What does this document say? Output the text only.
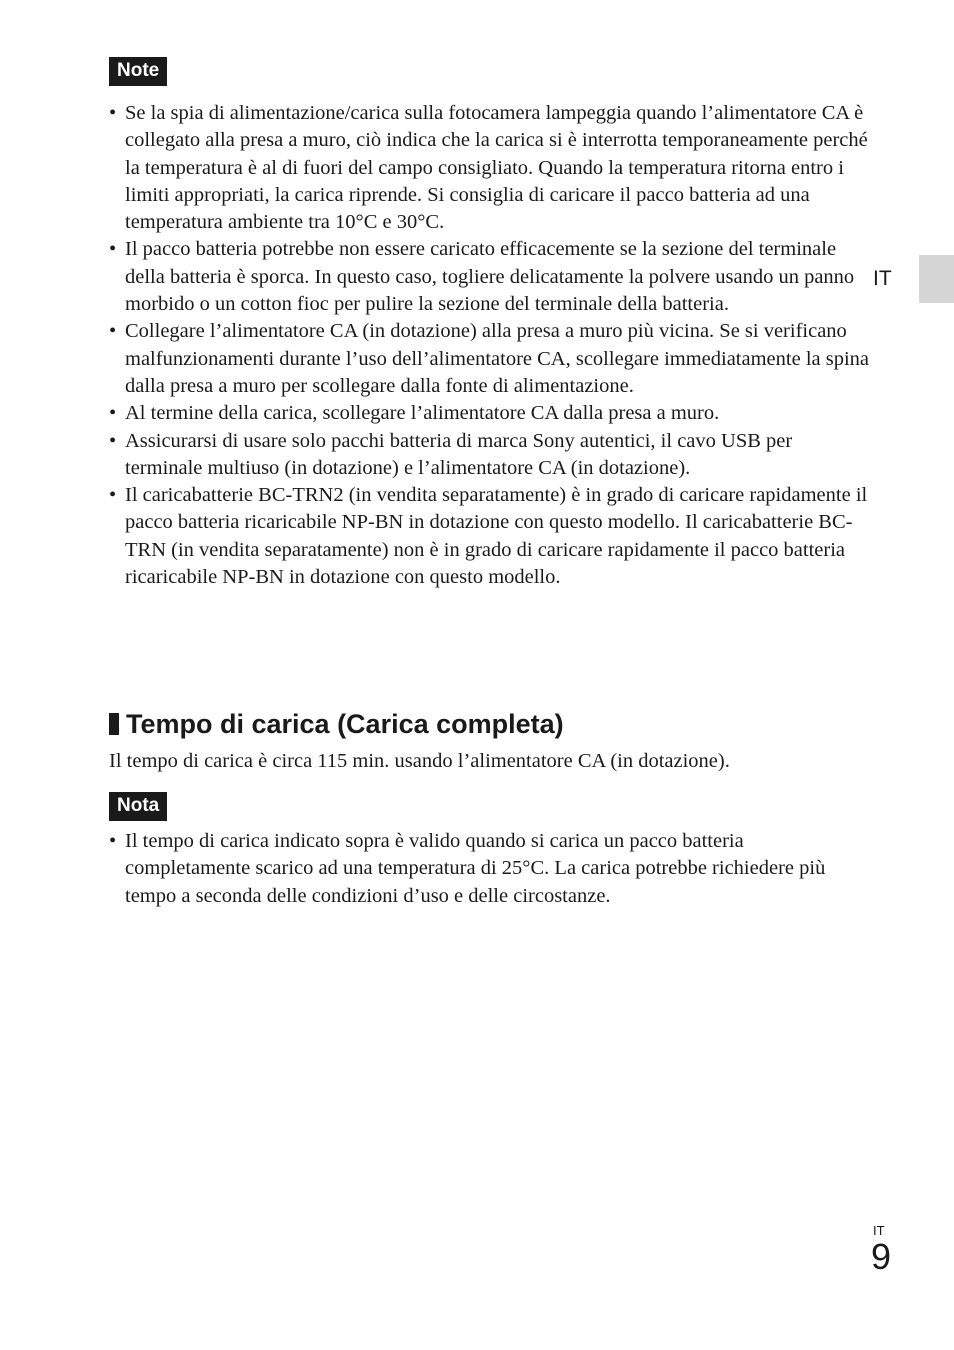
Note
• Se la spia di alimentazione/carica sulla fotocamera lampeggia quando l’alimentatore CA è collegato alla presa a muro, ciò indica che la carica si è interrotta temporaneamente perché la temperatura è al di fuori del campo consigliato. Quando la temperatura ritorna entro i limiti appropriati, la carica riprende. Si consiglia di caricare il pacco batteria ad una temperatura ambiente tra 10°C e 30°C.
• Il pacco batteria potrebbe non essere caricato efficacemente se la sezione del terminale della batteria è sporca. In questo caso, togliere delicatamente la polvere usando un panno morbido o un cotton fioc per pulire la sezione del terminale della batteria.
• Collegare l’alimentatore CA (in dotazione) alla presa a muro più vicina. Se si verificano malfunzionamenti durante l’uso dell’alimentatore CA, scollegare immediatamente la spina dalla presa a muro per scollegare dalla fonte di alimentazione.
• Al termine della carica, scollegare l’alimentatore CA dalla presa a muro.
• Assicurarsi di usare solo pacchi batteria di marca Sony autentici, il cavo USB per terminale multiuso (in dotazione) e l’alimentatore CA (in dotazione).
• Il caricabatterie BC-TRN2 (in vendita separatamente) è in grado di caricare rapidamente il pacco batteria ricaricabile NP-BN in dotazione con questo modello. Il caricabatterie BC-TRN (in vendita separatamente) non è in grado di caricare rapidamente il pacco batteria ricaricabile NP-BN in dotazione con questo modello.
Tempo di carica (Carica completa)
Il tempo di carica è circa 115 min. usando l’alimentatore CA (in dotazione).
Nota
• Il tempo di carica indicato sopra è valido quando si carica un pacco batteria completamente scarico ad una temperatura di 25°C. La carica potrebbe richiedere più tempo a seconda delle condizioni d’uso e delle circostanze.
IT
IT
9
